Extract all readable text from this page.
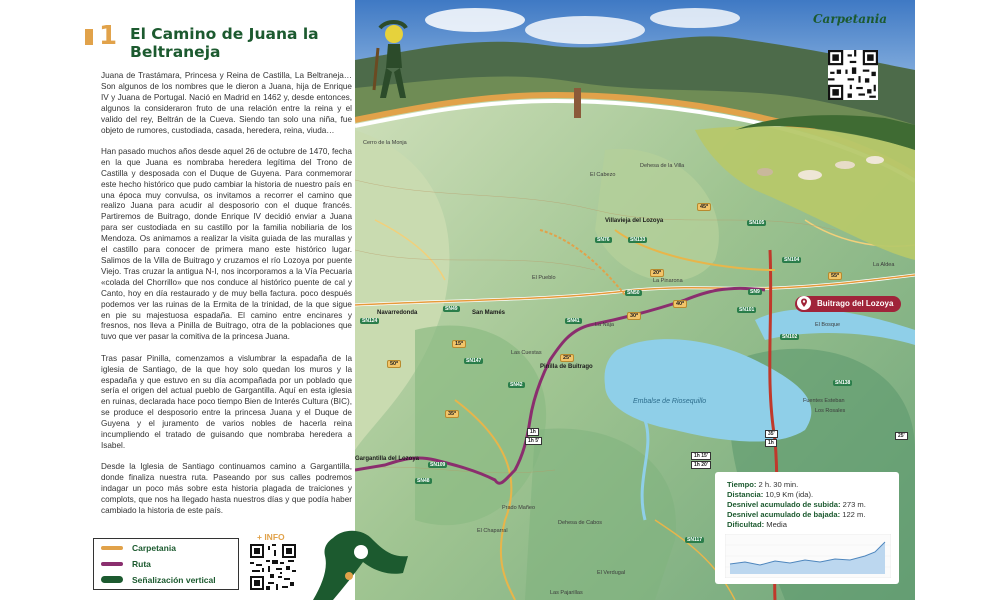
1 El Camino de Juana la Beltraneja

Juana de Trastámara, Princesa y Reina de Castilla, La Beltraneja… Son algunos de los nombres que le dieron a Juana, hija de Enrique IV y Juana de Portugal. Nació en Madrid en 1462 y, desde entonces, algunos la consideraron fruto de una relación entre la reina y el valido del rey, Beltrán de la Cueva. Siendo tan solo una niña, fue objeto de rumores, custodiada, casada, heredera, reina, viuda…

Han pasado muchos años desde aquel 26 de octubre de 1470, fecha en la que Juana es nombraba heredera legítima del Trono de Castilla y desposada con el Duque de Guyena. Para conmemorar este hecho histórico que pudo cambiar la historia de nuestro país en una época muy convulsa, os invitamos a recorrer el camino que realizo Juana para acudir al desposorio con el duque francés. Partiremos de Buitrago, donde Enrique IV decidió enviar a Juana para ser custodiada en su castillo por la familia nobiliaria de los Mendoza. Os animamos a realizar la visita guiada de las murallas y el castillo para conocer de primera mano este histórico lugar. Salimos de la Villa de Buitrago y cruzamos el río Lozoya por puente Viejo. Tras cruzar la antigua N-I, nos incorporamos a la Vía Pecuaria «colada del Chorrillo» que nos conduce al histórico puente de cal y Canto, hoy en día restaurado y de muy bella factura. poco después podemos ver las ruinas de la Ermita de la trinidad, de la que sigue en pie su majestuosa espadaña. El camino entre encinares y fresnos, nos lleva a Pinilla de Buitrago, otra de la poblaciones que tuvo que ver pasar la comitiva de la princesa Juana.

Tras pasar Pinilla, comenzamos a vislumbrar la espadaña de la iglesia de Santiago, de la que hoy solo quedan los muros y la espadaña y que estuvo en su día acompañada por un poblado que sería el origen del actual pueblo de Gargantilla. Aquí en esta iglesia en ruinas, declarada hace poco tiempo Bien de Interés Cultura (BIC), se produce el desposorio entre la princesa Juana y el Duque de Guyena y el juramento de varios nobles de hacerla reina incumpliendo el tratado de guisando que nombraba heredera a Isabel.

Desde la Iglesia de Santiago continuamos camino a Gargantilla, donde finaliza nuestra ruta. Paseando por sus calles podremos indagar un poco más sobre esta historia plagada de traiciones y complots, que nos ha llegado hasta nuestros días y que podía haber cambiado la historia de este país.

Carpetania
Ruta
Señalización vertical
+ INFO
Villavieja del Lozoya
Navarredonda	San Mamés
Pinilla de Buitrago
Gargantilla del Lozoya
SN105
SN76	SN133
SN104
SN50	SN9
SN101
SN102
SN124
SN49
SN41
SN147
SN42	SN138
SN109
SN48
SN117
45º
20º
40º
30º
25º
15º
35º
50º
55º
1h
1h 5'
1h 15'
1h 20'
35'
1h
25'
Cerro de la Monja
El Cabezo
Dehesa de la Villa
La Naja
El Pueblo	La Pinarona
Las Cuestas
Embalse de Riosequillo
Dehesa de Cabos
El Chaparral
Prado Mañeo
El Verdugal
Las Pajarillas
El Bosque
La Aldea
Fuentes Esteban
Los Rosales
Carpetania
Buitrago del Lozoya
Tiempo: 2 h. 30 min.
Distancia: 10,9 Km (ida).
Desnivel acumulado de subida: 273 m.
Desnivel acumulado de bajada: 122 m.
Dificultad: Media
